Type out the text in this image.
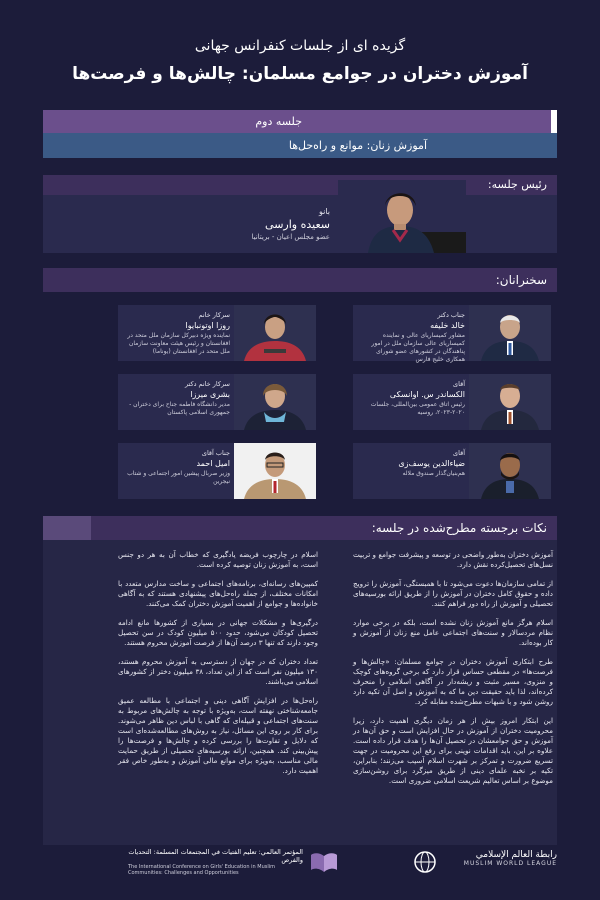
گزیده ای از جلسات کنفرانس جهانی
آموزش دختران در جوامع مسلمان: چالش‌ها و فرصت‌ها
جلسه دوم
آموزش زنان: موانع و راه‌حل‌ها
رئیس جلسه:
بانو
سعیده وارسی
عضو مجلس اعیان - بریتانیا
سخنرانان:
جناب دکتر
خالد خلیفه
مشاور کمیساریای عالی و نماینده کمیساریای عالی سازمان ملل در امور پناهندگان در کشورهای عضو شورای همکاری خلیج فارس
سرکار خانم
روزا اوتونبایوا
نماینده ویژه دبیرکل سازمان ملل متحد در افغانستان و رئیس هیئت معاونت سازمان ملل متحد در افغانستان (یوناما)
آقای
الکساندر س. اوانسکی
رئیس اتاق عمومی بین‌المللی، جلسات ۲۰۲۰-۲۰۲۳، روسیه
سرکار خانم دکتر
بشری میرزا
مدیر دانشگاه فاطمه جناح برای دختران - جمهوری اسلامی پاکستان
آقای
ضیاءالدین یوسف‌زی
هم‌بنیان‌گذار صندوق ملاله
جناب آقای
امیل احمد
وزیر صربال پیشین امور اجتماعی و شتاب نیجرین
نکات برجسته مطرح‌شده در جلسه:

آموزش دختران به‌طور واضحی در توسعه و پیشرفت جوامع و تربیت نسل‌های تحصیل‌کرده نقش دارد.

از تمامی سازمان‌ها دعوت می‌شود تا با همبستگی، آموزش را ترویج داده و حقوق کامل دختران در آموزش را از طریق ارائه بورسیه‌های تحصیلی و آموزش از راه دور فراهم کنند.

اسلام هرگز مانع آموزش زنان نشده است، بلکه در برخی موارد نظام مردسالار و سنت‌های اجتماعی عامل منع زنان از آموزش و کار بوده‌اند.

طرح ابتکاری آموزش دختران در جوامع مسلمان: «چالش‌ها و فرصت‌ها» در مقطعی حساس قرار دارد که برخی گروه‌های کوچک و منزوی، مسیر مثبت و ریشه‌دار در آگاهی اسلامی را منحرف کرده‌اند، لذا باید حقیقت دین ما که به آموزش و اصل آن تکیه دارد روشن شود و با شبهات مطرح‌شده مقابله کرد.

این ابتکار امروز بیش از هر زمان دیگری اهمیت دارد، زیرا محرومیت دختران از آموزش در حال افزایش است و حق آن‌ها در آموزش و حق جوامعشان در تحصیل آن‌ها را هدف قرار داده است. علاوه بر این، باید اقدامات نوینی برای رفع این محرومیت در جهت تسریع ضرورت و تمرکز بر شهرت اسلام آسیب می‌زنند؛ بنابراین، تکیه بر نخبه علمای دینی از طریق میزگرد برای روشن‌سازی موضوع بر اساس تعالیم شریعت اسلامی ضروری است.

اسلام در چارچوب فریضه یادگیری که خطاب آن به هر دو جنس است، به آموزش زنان توصیه کرده است.

کمپین‌های رسانه‌ای، برنامه‌های اجتماعی و ساخت مدارس متعدد با امکانات مختلف، از جمله راه‌حل‌های پیشنهادی هستند که به آگاهی خانواده‌ها و جوامع از اهمیت آموزش دختران کمک می‌کنند.

درگیری‌ها و مشکلات جهانی در بسیاری از کشورها مانع ادامه تحصیل کودکان می‌شود، حدود ۵۰۰ میلیون کودک در سن تحصیل وجود دارند که تنها ۳ درصد آن‌ها از فرصت آموزش محروم هستند.

تعداد دختران که در جهان از دسترسی به آموزش محروم هستند، ۱۳۰ میلیون نفر است که از این تعداد، ۳۸ میلیون دختر از کشورهای اسلامی می‌باشند.

راه‌حل‌ها در افزایش آگاهی دینی و اجتماعی با مطالعه عمیق جامعه‌شناختی نهفته است، به‌ویژه با توجه به چالش‌های مربوط به سنت‌های اجتماعی و قبیله‌ای که گاهی با لباس دین ظاهر می‌شوند. برای کار بر روی این مسائل، نیاز به روش‌های مطالعه‌شده‌ای است که دلایل و تفاوت‌ها را بررسی کرده و چالش‌ها و فرصت‌ها را پیش‌بینی کند. همچنین، ارائه بورسیه‌های تحصیلی از طریق حمایت مالی مناسب، به‌ویژه برای موانع مالی آموزش و به‌طور خاص فقر اهمیت دارد.

رابطة العالم الإسلامي
MUSLIM WORLD LEAGUE
المؤتمر العالمي: تعليم الفتيات في المجتمعات المسلمة: التحديات والفرص
The International Conference on Girls' Education in Muslim Communities: Challenges and Opportunities
